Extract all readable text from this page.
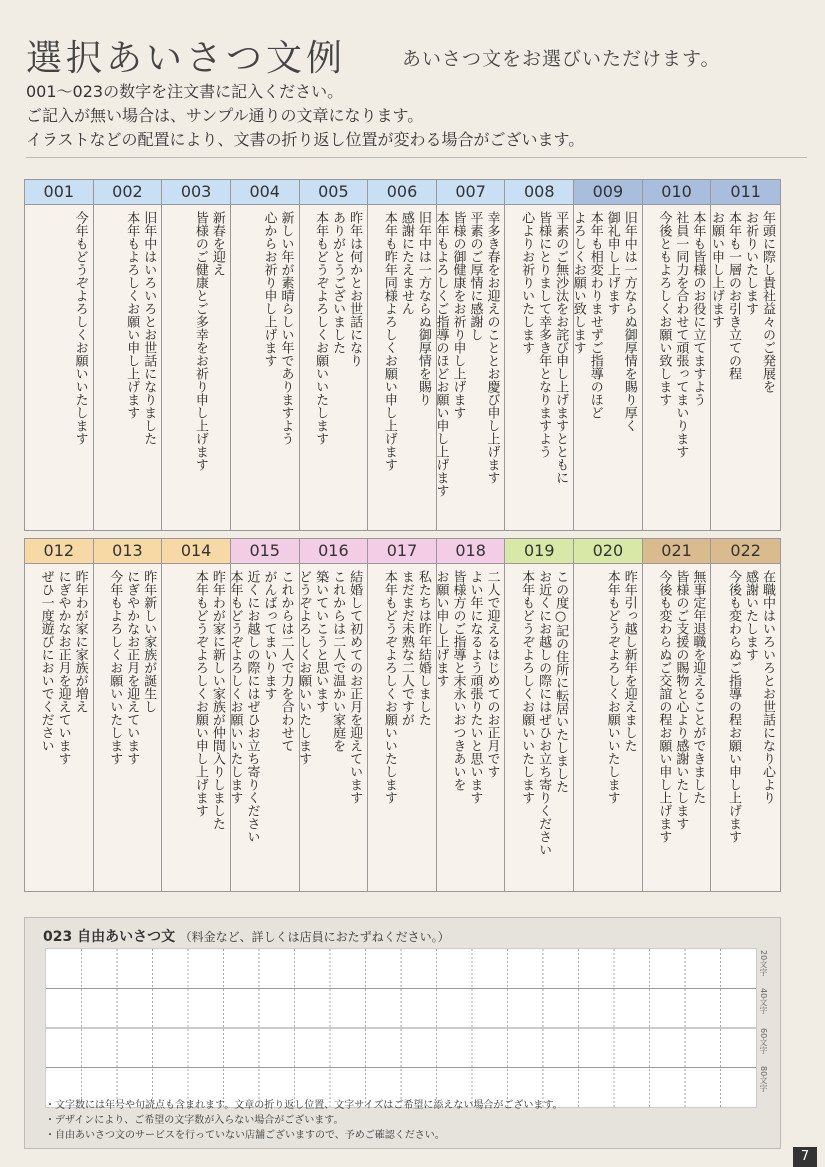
選択あいさつ文例	あいさつ文をお選びいただけます。
001～023の数字を注文書に記入ください。
ご記入が無い場合は、サンプル通りの文章になります。
イラストなどの配置により、文書の折り返し位置が変わる場合がございます。
001
今年もどうぞよろしくお願いいたします
002
旧年中はいろいろとお世話になりました
本年もよろしくお願い申し上げます
003
新春を迎え
皆様のご健康とご多幸をお祈り申し上げます
004
新しい年が素晴らしい年でありますよう
心からお祈り申し上げます
005
昨年は何かとお世話になり
ありがとうございました
本年もどうぞよろしくお願いいたします
006
旧年中は一方ならぬ御厚情を賜り
感謝にたえません
本年も昨年同様よろしくお願い申し上げます
007
幸多き春をお迎えのこととお慶び申し上げます
平素のご厚情に感謝し
皆様の御健康をお祈り申し上げます
本年もよろしくご指導のほどお願い申し上げます
008
平素のご無沙汰をお詫び申し上げますとともに
皆様にとりまして幸多き年となりますよう
心よりお祈りいたします
009
旧年中は一方ならぬ御厚情を賜り厚く
御礼申し上げます
本年も相変わりませずご指導のほど
よろしくお願い致します
010
本年も皆様のお役に立てますよう
社員一同力を合わせて頑張ってまいります
今後ともよろしくお願い致します
011
年頭に際し貴社益々のご発展を
お祈りいたします
本年も一層のお引き立ての程
お願い申し上げます
012
昨年わが家に家族が増え
にぎやかなお正月を迎えています
ぜひ一度遊びにおいでください
013
昨年新しい家族が誕生し
にぎやかなお正月を迎えています
今年もよろしくお願いいたします
014
昨年わが家に新しい家族が仲間入りしました
本年もどうぞよろしくお願い申し上げます
015
これからは二人で力を合わせて
がんばってまいります
近くにお越しの際にはぜひお立ち寄りください
本年もどうぞよろしくお願いいたします
016
結婚して初めてのお正月を迎えています
これからは二人で温かい家庭を
築いていこうと思います
どうぞよろしくお願いいたします
017
私たちは昨年結婚しました
まだまだ未熟な二人ですが
本年もどうぞよろしくお願いいたします
018
二人で迎えるはじめてのお正月です
よい年になるよう頑張りたいと思います
皆様方のご指導と末永いおつきあいを
お願い申し上げます
019
この度○記の住所に転居いたしました
お近くにお越しの際にはぜひお立ち寄りください
本年もどうぞよろしくお願いいたします
020
昨年引っ越し新年を迎えました
本年もどうぞよろしくお願いいたします
021
無事定年退職を迎えることができました
皆様のご支援の賜物と心より感謝いたします
今後も変わらぬご交誼の程お願い申し上げます
022
在職中はいろいろとお世話になり心より
感謝いたします
今後も変わらぬご指導の程お願い申し上げます
023 自由あいさつ文 （料金など、詳しくは店員におたずねください。）
20文字
40文字
60文字
80文字
・文字数には年号や句読点も含まれます。文章の折り返し位置、文字サイズはご希望に添えない場合がございます。
・デザインにより、ご希望の文字数が入らない場合がございます。
・自由あいさつ文のサービスを行っていない店舗ございますので、予めご確認ください。
7
